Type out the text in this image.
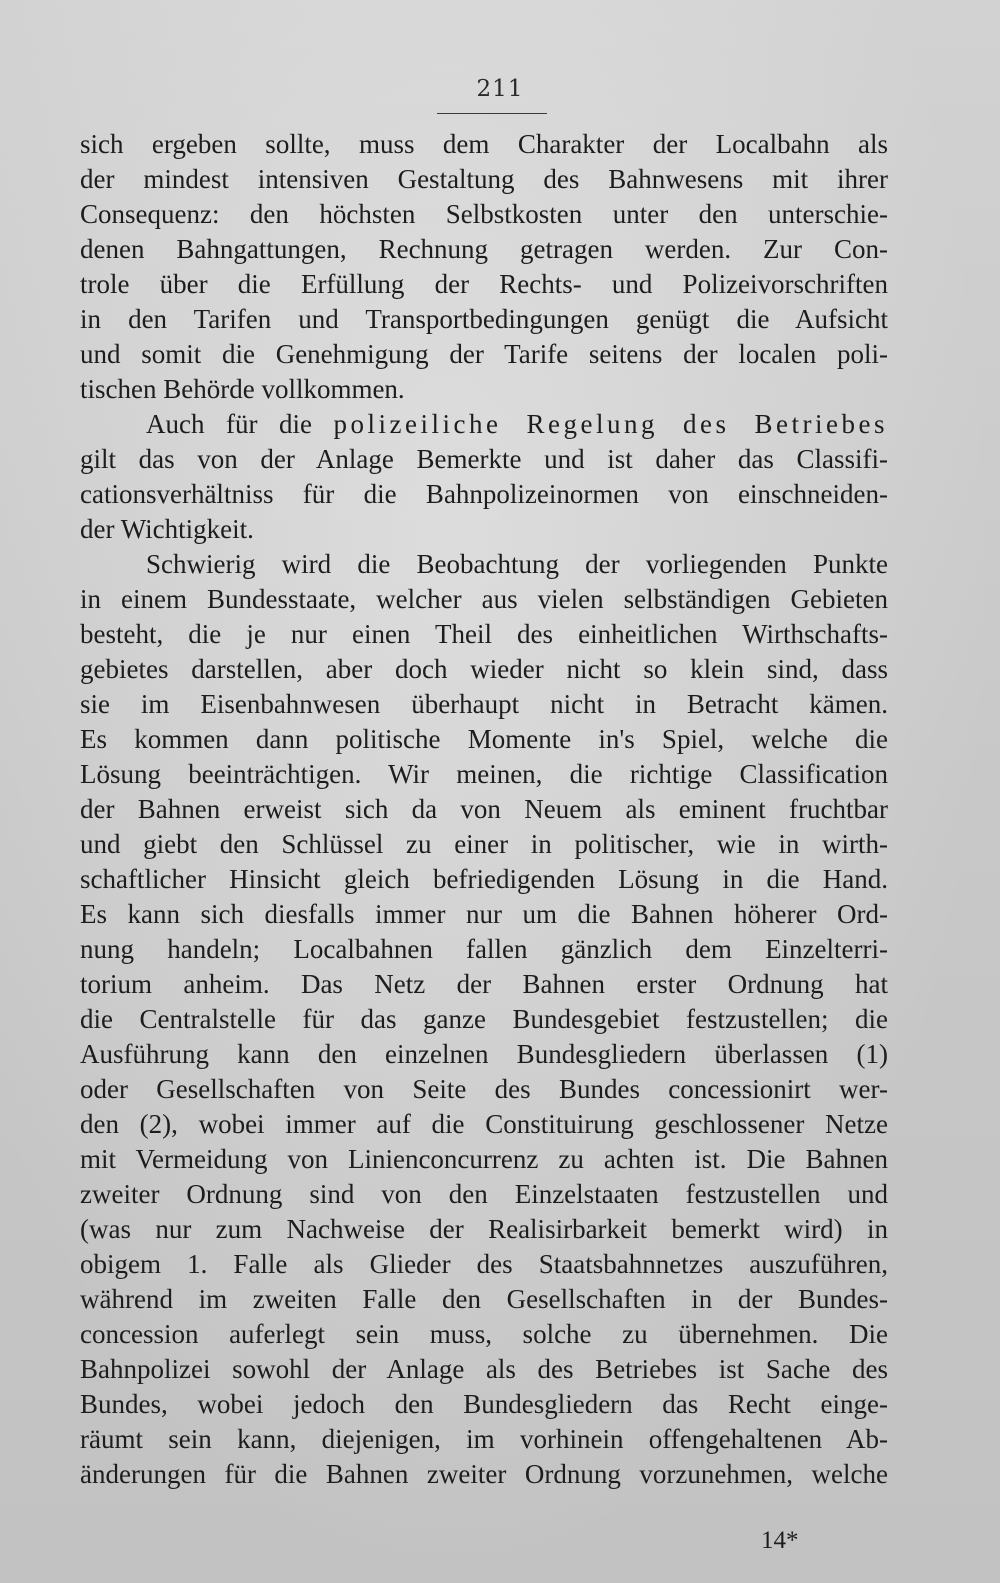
211
sich ergeben sollte, muss dem Charakter der Localbahn als
der mindest intensiven Gestaltung des Bahnwesens mit ihrer
Consequenz: den höchsten Selbstkosten unter den unterschie-
denen Bahngattungen, Rechnung getragen werden. Zur Con-
trole über die Erfüllung der Rechts- und Polizeivorschriften
in den Tarifen und Transportbedingungen genügt die Aufsicht
und somit die Genehmigung der Tarife seitens der localen poli-
tischen Behörde vollkommen.
Auch für die polizeiliche Regelung des Betriebes
gilt das von der Anlage Bemerkte und ist daher das Classifi-
cationsverhältniss für die Bahnpolizeinormen von einschneiden-
der Wichtigkeit.
Schwierig wird die Beobachtung der vorliegenden Punkte
in einem Bundesstaate, welcher aus vielen selbständigen Gebieten
besteht, die je nur einen Theil des einheitlichen Wirthschafts-
gebietes darstellen, aber doch wieder nicht so klein sind, dass
sie im Eisenbahnwesen überhaupt nicht in Betracht kämen.
Es kommen dann politische Momente in's Spiel, welche die
Lösung beeinträchtigen. Wir meinen, die richtige Classification
der Bahnen erweist sich da von Neuem als eminent fruchtbar
und giebt den Schlüssel zu einer in politischer, wie in wirth-
schaftlicher Hinsicht gleich befriedigenden Lösung in die Hand.
Es kann sich diesfalls immer nur um die Bahnen höherer Ord-
nung handeln; Localbahnen fallen gänzlich dem Einzelterri-
torium anheim. Das Netz der Bahnen erster Ordnung hat
die Centralstelle für das ganze Bundesgebiet festzustellen; die
Ausführung kann den einzelnen Bundesgliedern überlassen (1)
oder Gesellschaften von Seite des Bundes concessionirt wer-
den (2), wobei immer auf die Constituirung geschlossener Netze
mit Vermeidung von Linienconcurrenz zu achten ist. Die Bahnen
zweiter Ordnung sind von den Einzelstaaten festzustellen und
(was nur zum Nachweise der Realisirbarkeit bemerkt wird) in
obigem 1. Falle als Glieder des Staatsbahnnetzes auszuführen,
während im zweiten Falle den Gesellschaften in der Bundes-
concession auferlegt sein muss, solche zu übernehmen. Die
Bahnpolizei sowohl der Anlage als des Betriebes ist Sache des
Bundes, wobei jedoch den Bundesgliedern das Recht einge-
räumt sein kann, diejenigen, im vorhinein offengehaltenen Ab-
änderungen für die Bahnen zweiter Ordnung vorzunehmen, welche
14*
